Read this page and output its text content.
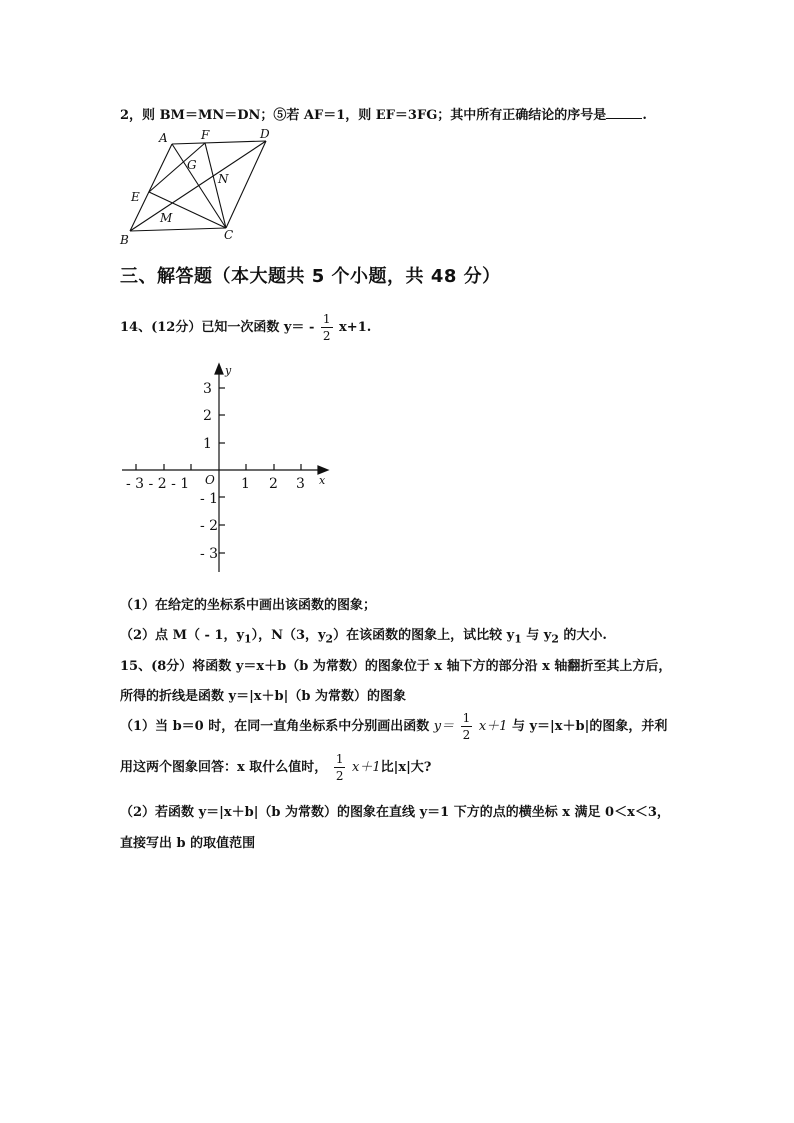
2，则 BM＝MN＝DN；⑤若 AF＝1，则 EF＝3FG；其中所有正确结论的序号是	.
A	F	D
G
N
E
M
B	C
三、解答题（本大题共 5 个小题，共 48 分）
14、(12分）已知一次函数 $y= - \frac{1}{2} x+1$.
y
x
3
2
1
- 3 - 2 - 1 O 1 2 3
- 1
- 2
- 3
（1）在给定的坐标系中画出该函数的图象；
（2）点 M（ - 1，$y_1$），N（3，$y_2$）在该函数的图象上，试比较 $y_1$ 与 $y_2$ 的大小.
15、(8分）将函数 y＝x＋b（b 为常数）的图象位于 x 轴下方的部分沿 x 轴翻折至其上方后，
所得的折线是函数 y＝|x＋b|（b 为常数）的图象
（1）当 b＝0 时，在同一直角坐标系中分别画出函数 $y= \frac{1}{2} x+1$ 与 y＝|x＋b|的图象，并利
用这两个图象回答：x 取什么值时， $\frac{1}{2} x+1$比|x|大?
（2）若函数 y＝|x＋b|（b 为常数）的图象在直线 y＝1 下方的点的横坐标 x 满足 0＜x＜3，
直接写出 b 的取值范围
